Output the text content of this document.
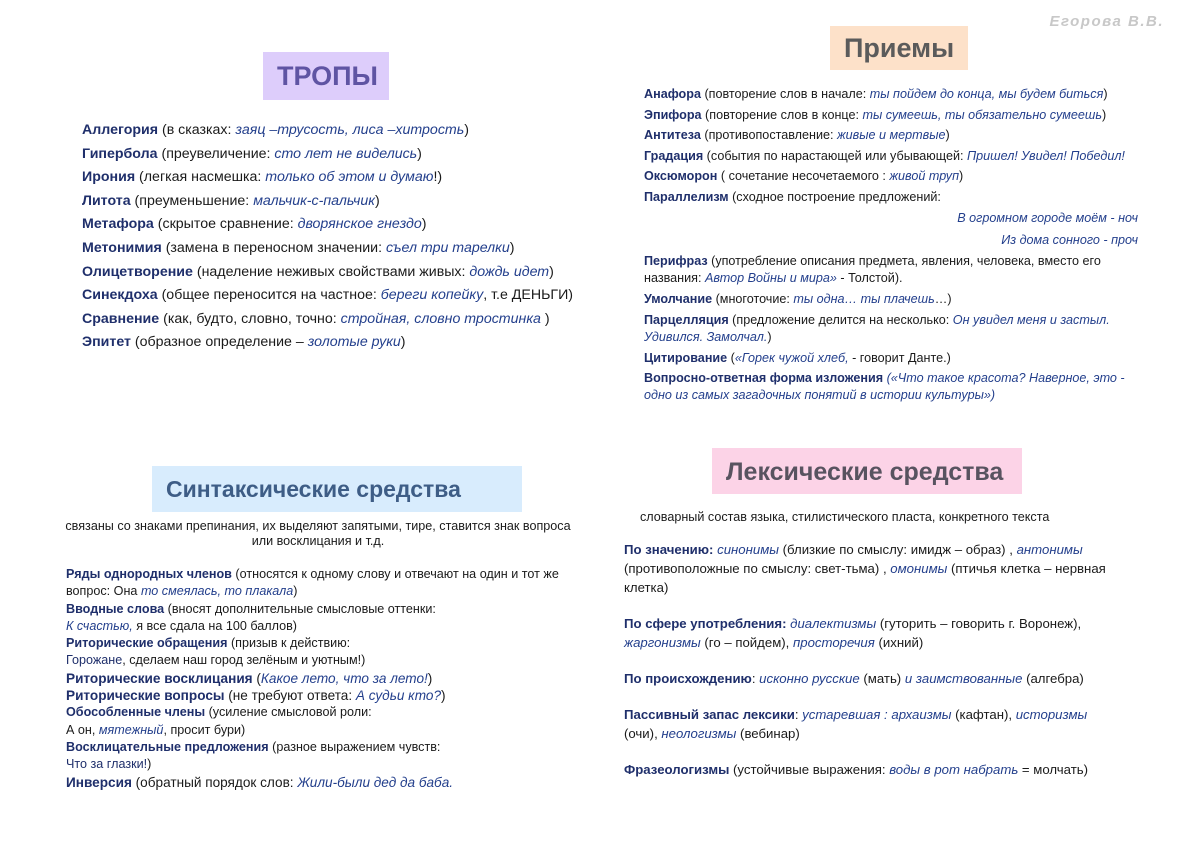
Егорова В.В.
ТРОПЫ
Приемы
Синтаксические средства
Лексические средства
Аллегория (в сказках: заяц –трусость, лиса –хитрость)
Гипербола (преувеличение: сто лет не виделись)
Ирония (легкая насмешка: только об этом и думаю!)
Литота (преуменьшение: мальчик-с-пальчик)
Метафора (скрытое сравнение: дворянское гнездо)
Метонимия (замена в переносном значении: съел три тарелки)
Олицетворение (наделение неживых свойствами живых: дождь идет)
Синекдоха (общее переносится на частное: береги копейку, т.е ДЕНЬГИ)
Сравнение (как, будто, словно, точно: стройная, словно тростинка )
Эпитет (образное определение – золотые руки)
Анафора (повторение слов в начале: ты пойдем до конца, мы будем биться)
Эпифора (повторение слов в конце: ты сумеешь, ты обязательно сумеешь)
Антитеза (противопоставление: живые и мертвые)
Градация (события по нарастающей или убывающей: Пришел! Увидел! Победил!
Оксюморон ( сочетание несочетаемого : живой труп)
Параллелизм (сходное построение предложений:
В огромном городе моём - ноч
Из дома сонного - проч
Перифраз (употребление описания предмета, явления, человека, вместо его названия: Автор Войны и мира» - Толстой).
Умолчание (многоточие: ты одна… ты плачешь…)
Парцелляция (предложение делится на несколько: Он увидел меня и застыл. Удивился. Замолчал.)
Цитирование («Горек чужой хлеб, - говорит Данте.)
Вопросно-ответная форма изложения («Что такое красота? Наверное, это - одно из самых загадочных понятий в истории культуры»)
связаны со знаками препинания, их выделяют запятыми, тире, ставится знак вопроса или восклицания и т.д.
Ряды однородных членов (относятся к одному слову и отвечают на один и тот же вопрос: Она то смеялась, то плакала)
Вводные слова (вносят дополнительные смысловые оттенки:
К счастью, я все сдала на 100 баллов)
Риторические обращения (призыв к действию:
Горожане, сделаем наш город зелёным и уютным!)
Риторические восклицания (Какое лето, что за лето!)
Риторические вопросы (не требуют ответа: А судьи кто?)
Обособленные члены (усиление смысловой роли:
А он, мятежный, просит бури)
Восклицательные предложения (разное выражением чувств:
Что за глазки!)
Инверсия (обратный порядок слов: Жили-были дед да баба.
словарный состав языка, стилистического пласта, конкретного текста
По значению: синонимы (близкие по смыслу: имидж – образ) , антонимы (противоположные по смыслу: свет-тьма) , омонимы (птичья клетка – нервная клетка)
По сфере употребления: диалектизмы (гуторить – говорить г. Воронеж), жаргонизмы (го – пойдем), просторечия (ихний)
По происхождению: исконно русские (мать) и заимствованные (алгебра)
Пассивный запас лексики: устаревшая : архаизмы (кафтан), историзмы (очи), неологизмы (вебинар)
Фразеологизмы (устойчивые выражения: воды в рот набрать = молчать)
